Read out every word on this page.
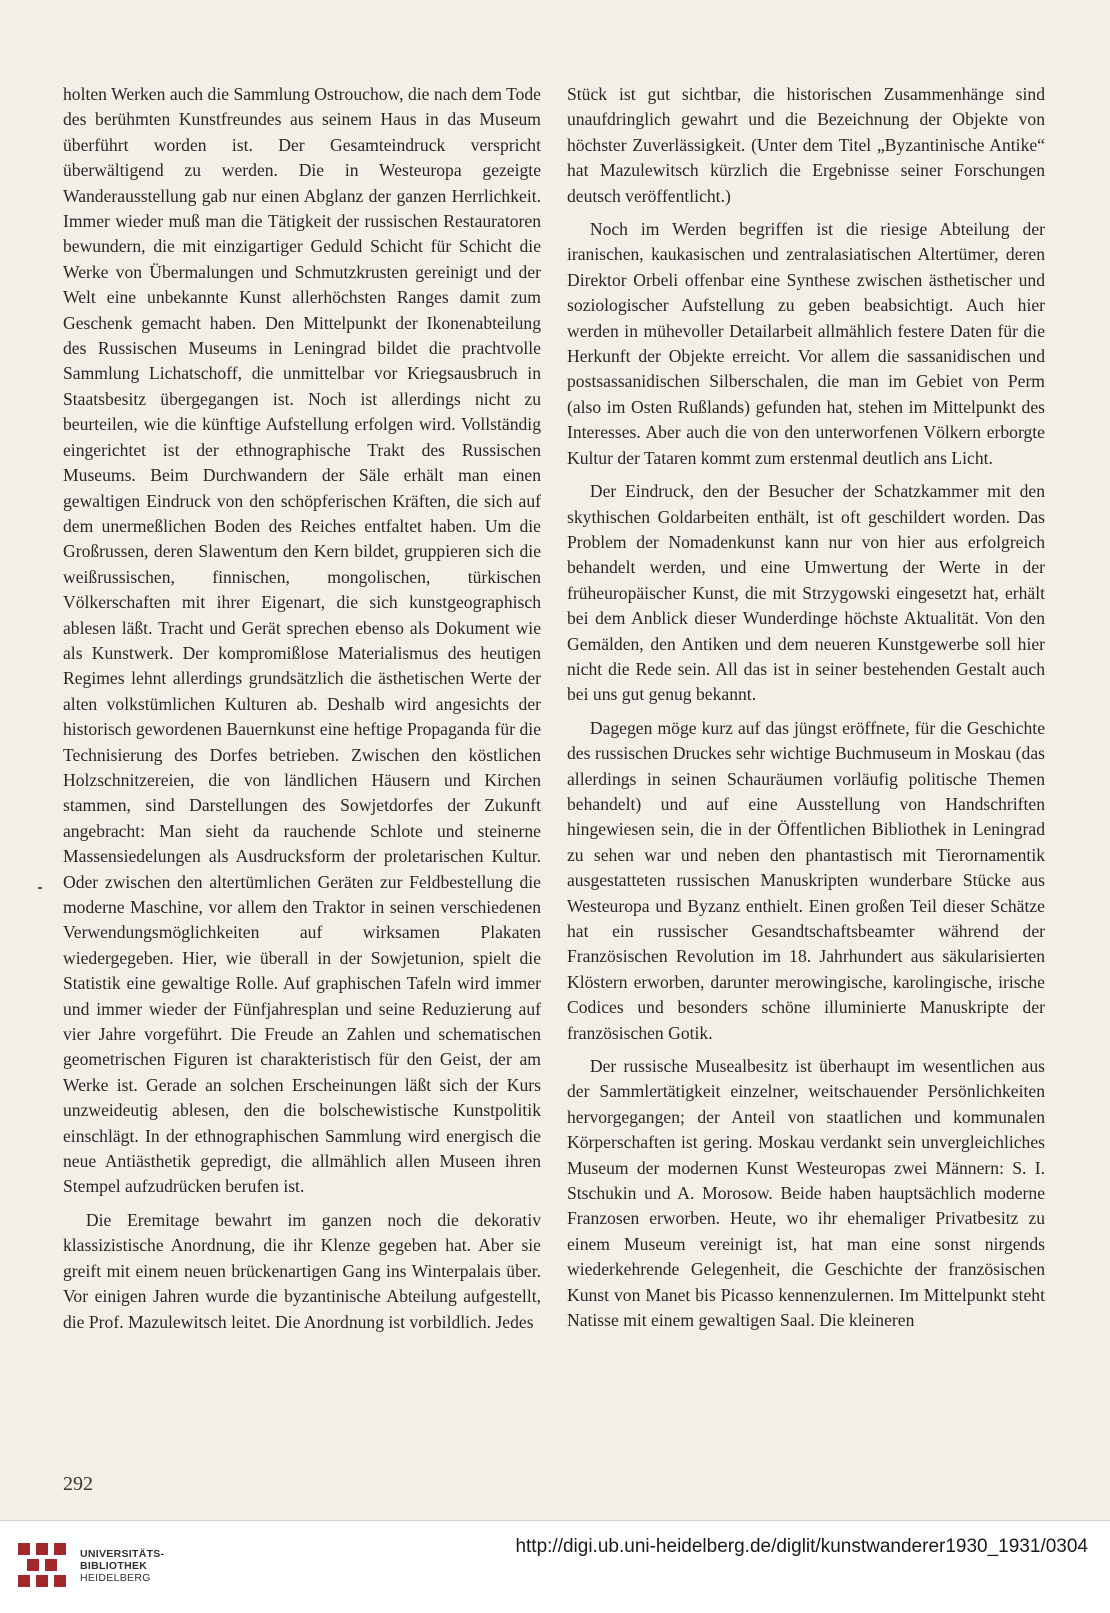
holten Werken auch die Sammlung Ostrouchow, die nach dem Tode des berühmten Kunstfreundes aus seinem Haus in das Museum überführt worden ist. Der Gesamteindruck verspricht überwältigend zu werden. Die in Westeuropa gezeigte Wanderausstellung gab nur einen Abglanz der ganzen Herrlichkeit. Immer wieder muß man die Tätigkeit der russischen Restauratoren bewundern, die mit einzigartiger Geduld Schicht für Schicht die Werke von Übermalungen und Schmutzkrusten gereinigt und der Welt eine unbekannte Kunst allerhöchsten Ranges damit zum Geschenk gemacht haben. Den Mittelpunkt der Ikonenabteilung des Russischen Museums in Leningrad bildet die prachtvolle Sammlung Lichatschoff, die unmittelbar vor Kriegsausbruch in Staatsbesitz übergegangen ist. Noch ist allerdings nicht zu beurteilen, wie die künftige Aufstellung erfolgen wird. Vollständig eingerichtet ist der ethnographische Trakt des Russischen Museums. Beim Durchwandern der Säle erhält man einen gewaltigen Eindruck von den schöpferischen Kräften, die sich auf dem unermeßlichen Boden des Reiches entfaltet haben. Um die Großrussen, deren Slawentum den Kern bildet, gruppieren sich die weißrussischen, finnischen, mongolischen, türkischen Völkerschaften mit ihrer Eigenart, die sich kunstgeographisch ablesen läßt. Tracht und Gerät sprechen ebenso als Dokument wie als Kunstwerk. Der kompromißlose Materialismus des heutigen Regimes lehnt allerdings grundsätzlich die ästhetischen Werte der alten volkstümlichen Kulturen ab. Deshalb wird angesichts der historisch gewordenen Bauernkunst eine heftige Propaganda für die Technisierung des Dorfes betrieben. Zwischen den köstlichen Holzschnitzereien, die von ländlichen Häusern und Kirchen stammen, sind Darstellungen des Sowjetdorfes der Zukunft angebracht: Man sieht da rauchende Schlote und steinerne Massensiedelungen als Ausdrucksform der proletarischen Kultur. Oder zwischen den altertümlichen Geräten zur Feldbestellung die moderne Maschine, vor allem den Traktor in seinen verschiedenen Verwendungsmöglichkeiten auf wirksamen Plakaten wiedergegeben. Hier, wie überall in der Sowjetunion, spielt die Statistik eine gewaltige Rolle. Auf graphischen Tafeln wird immer und immer wieder der Fünfjahresplan und seine Reduzierung auf vier Jahre vorgeführt. Die Freude an Zahlen und schematischen geometrischen Figuren ist charakteristisch für den Geist, der am Werke ist. Gerade an solchen Erscheinungen läßt sich der Kurs unzweideutig ablesen, den die bolschewistische Kunstpolitik einschlägt. In der ethnographischen Sammlung wird energisch die neue Antiästhetik gepredigt, die allmählich allen Museen ihren Stempel aufzudrücken berufen ist.

Die Eremitage bewahrt im ganzen noch die dekorativ klassizistische Anordnung, die ihr Klenze gegeben hat. Aber sie greift mit einem neuen brückenartigen Gang ins Winterpalais über. Vor einigen Jahren wurde die byzantinische Abteilung aufgestellt, die Prof. Mazulewitsch leitet. Die Anordnung ist vorbildlich. Jedes

Stück ist gut sichtbar, die historischen Zusammenhänge sind unaufdringlich gewahrt und die Bezeichnung der Objekte von höchster Zuverlässigkeit. (Unter dem Titel „Byzantinische Antike“ hat Mazulewitsch kürzlich die Ergebnisse seiner Forschungen deutsch veröffentlicht.)

Noch im Werden begriffen ist die riesige Abteilung der iranischen, kaukasischen und zentralasiatischen Altertümer, deren Direktor Orbeli offenbar eine Synthese zwischen ästhetischer und soziologischer Aufstellung zu geben beabsichtigt. Auch hier werden in mühevoller Detailarbeit allmählich festere Daten für die Herkunft der Objekte erreicht. Vor allem die sassanidischen und postsassanidischen Silberschalen, die man im Gebiet von Perm (also im Osten Rußlands) gefunden hat, stehen im Mittelpunkt des Interesses. Aber auch die von den unterworfenen Völkern erborgte Kultur der Tataren kommt zum erstenmal deutlich ans Licht.

Der Eindruck, den der Besucher der Schatzkammer mit den skythischen Goldarbeiten enthält, ist oft geschildert worden. Das Problem der Nomadenkunst kann nur von hier aus erfolgreich behandelt werden, und eine Umwertung der Werte in der früheuropäischer Kunst, die mit Strzygowski eingesetzt hat, erhält bei dem Anblick dieser Wunderdinge höchste Aktualität. Von den Gemälden, den Antiken und dem neueren Kunstgewerbe soll hier nicht die Rede sein. All das ist in seiner bestehenden Gestalt auch bei uns gut genug bekannt.

Dagegen möge kurz auf das jüngst eröffnete, für die Geschichte des russischen Druckes sehr wichtige Buchmuseum in Moskau (das allerdings in seinen Schauräumen vorläufig politische Themen behandelt) und auf eine Ausstellung von Handschriften hingewiesen sein, die in der Öffentlichen Bibliothek in Leningrad zu sehen war und neben den phantastisch mit Tierornamentik ausgestatteten russischen Manuskripten wunderbare Stücke aus Westeuropa und Byzanz enthielt. Einen großen Teil dieser Schätze hat ein russischer Gesandtschaftsbeamter während der Französischen Revolution im 18. Jahrhundert aus säkularisierten Klöstern erworben, darunter merowingische, karolingische, irische Codices und besonders schöne illuminierte Manuskripte der französischen Gotik.

Der russische Musealbesitz ist überhaupt im wesentlichen aus der Sammlertätigkeit einzelner, weitschauender Persönlichkeiten hervorgegangen; der Anteil von staatlichen und kommunalen Körperschaften ist gering. Moskau verdankt sein unvergleichliches Museum der modernen Kunst Westeuropas zwei Männern: S. I. Stschukin und A. Morosow. Beide haben hauptsächlich moderne Franzosen erworben. Heute, wo ihr ehemaliger Privatbesitz zu einem Museum vereinigt ist, hat man eine sonst nirgends wiederkehrende Gelegenheit, die Geschichte der französischen Kunst von Manet bis Picasso kennenzulernen. Im Mittelpunkt steht Natisse mit einem gewaltigen Saal. Die kleineren

292
UNIVERSITÄTS-
BIBLIOTHEK
HEIDELBERG
http://digi.ub.uni-heidelberg.de/diglit/kunstwanderer1930_1931/0304
